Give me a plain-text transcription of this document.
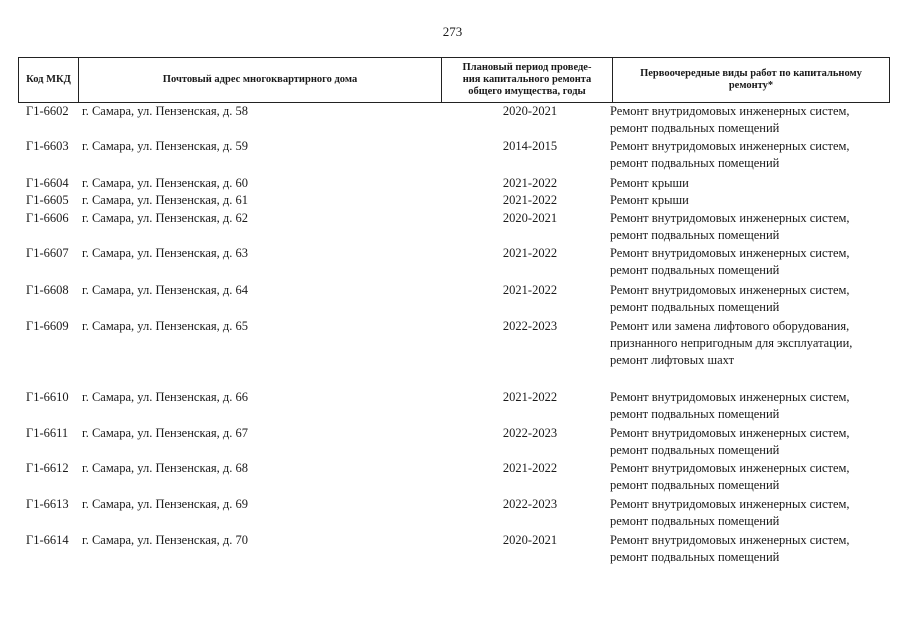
273
Код МКД	Почтовый адрес многоквартирного дома
Плановый период проведе-
ния капитального ремонта
общего имущества, годы
Первоочередные виды работ по капитальному
ремонту*
Г1-6602 г. Самара, ул. Пензенская, д. 58	2020-2021	Ремонт внутридомовых инженерных систем,
ремонт подвальных помещений
Г1-6603 г. Самара, ул. Пензенская, д. 59	2014-2015	Ремонт внутридомовых инженерных систем,
ремонт подвальных помещений
Г1-6604 г. Самара, ул. Пензенская, д. 60	2021-2022	Ремонт крыши
Г1-6605 г. Самара, ул. Пензенская, д. 61	2021-2022	Ремонт крыши
Г1-6606 г. Самара, ул. Пензенская, д. 62	2020-2021	Ремонт внутридомовых инженерных систем,
ремонт подвальных помещений
Г1-6607 г. Самара, ул. Пензенская, д. 63	2021-2022	Ремонт внутридомовых инженерных систем,
ремонт подвальных помещений
Г1-6608 г. Самара, ул. Пензенская, д. 64	2021-2022	Ремонт внутридомовых инженерных систем,
ремонт подвальных помещений
Г1-6609 г. Самара, ул. Пензенская, д. 65	2022-2023	Ремонт или замена лифтового оборудования,
признанного непригодным для эксплуатации,
ремонт лифтовых шахт
Г1-6610 г. Самара, ул. Пензенская, д. 66	2021-2022	Ремонт внутридомовых инженерных систем,
ремонт подвальных помещений
Г1-6611 г. Самара, ул. Пензенская, д. 67	2022-2023	Ремонт внутридомовых инженерных систем,
ремонт подвальных помещений
Г1-6612 г. Самара, ул. Пензенская, д. 68	2021-2022	Ремонт внутридомовых инженерных систем,
ремонт подвальных помещений
Г1-6613 г. Самара, ул. Пензенская, д. 69	2022-2023	Ремонт внутридомовых инженерных систем,
ремонт подвальных помещений
Г1-6614 г. Самара, ул. Пензенская, д. 70	2020-2021	Ремонт внутридомовых инженерных систем,
ремонт подвальных помещений
